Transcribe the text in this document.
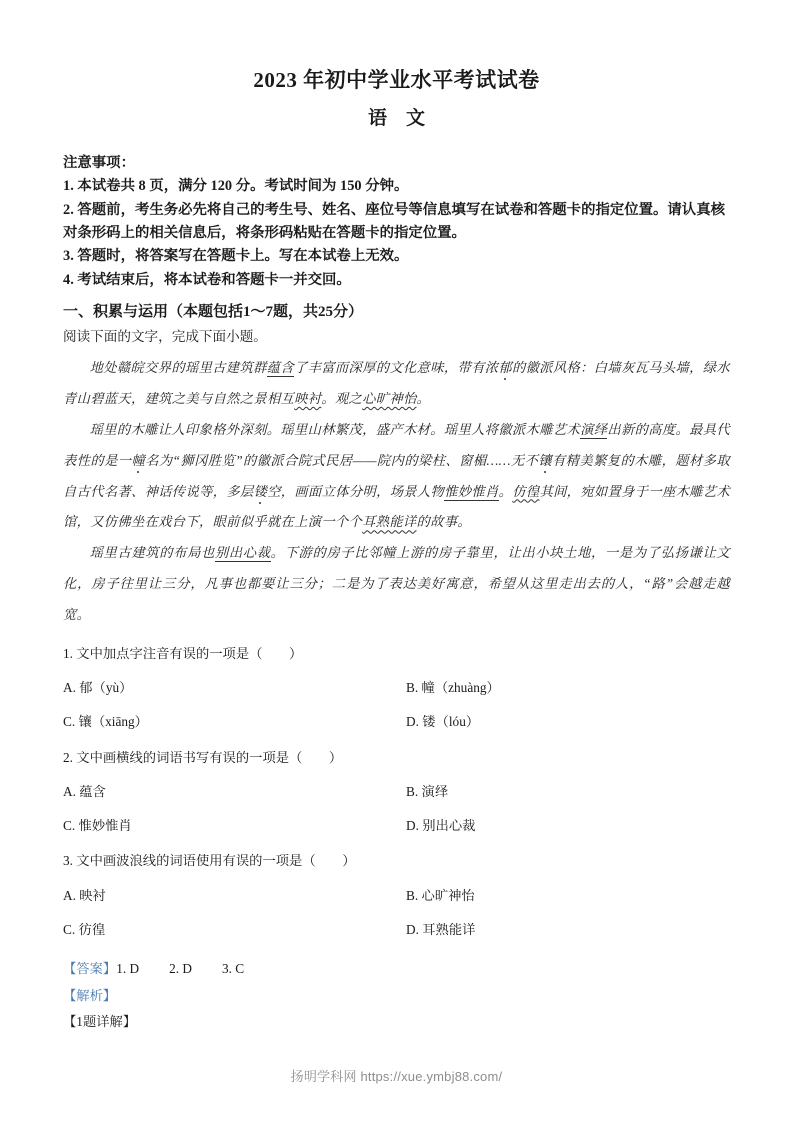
2023 年初中学业水平考试试卷
语　文

注意事项：

1. 本试卷共 8 页，满分 120 分。考试时间为 150 分钟。

2. 答题前，考生务必先将自己的考生号、姓名、座位号等信息填写在试卷和答题卡的指定位置。请认真核对条形码上的相关信息后，将条形码粘贴在答题卡的指定位置。

3. 答题时，将答案写在答题卡上。写在本试卷上无效。

4. 考试结束后，将本试卷和答题卡一并交回。

一、积累与运用（本题包括1～7题，共25分）

阅读下面的文字，完成下面小题。

地处赣皖交界的瑶里古建筑群蕴含了丰富而深厚的文化意味，带有浓郁的徽派风格：白墙灰瓦马头墙，绿水青山碧蓝天，建筑之美与自然之景相互映衬。观之心旷神怡。

瑶里的木雕让人印象格外深刻。瑶里山林繁茂，盛产木材。瑶里人将徽派木雕艺术演绎出新的高度。最具代表性的是一幢名为“狮冈胜览”的徽派合院式民居——院内的梁柱、窗楣……无不镶有精美繁复的木雕，题材多取自古代名著、神话传说等，多层镂空，画面立体分明，场景人物惟妙惟肖。仿徨其间，宛如置身于一座木雕艺术馆，又仿佛坐在戏台下，眼前似乎就在上演一个个耳熟能详的故事。

瑶里古建筑的布局也别出心裁。下游的房子比邻幢上游的房子靠里，让出小块土地，一是为了弘扬谦让文化，房子往里让三分，凡事也都要让三分；二是为了表达美好寓意，希望从这里走出去的人，“路”会越走越宽。

1. 文中加点字注音有误的一项是（　　）

A. 郁（yù）	B. 幢（zhuàng）
C. 镶（xiāng）	D. 镂（lóu）

2. 文中画横线的词语书写有误的一项是（　　）

A. 蕴含	B. 演绎
C. 惟妙惟肖	D. 别出心裁

3. 文中画波浪线的词语使用有误的一项是（　　）

A. 映衬	B. 心旷神怡
C. 彷徨	D. 耳熟能详

【答案】1. D 2. D 3. C

【解析】

【1题详解】

扬明学科网 https://xue.ymbj88.com/
